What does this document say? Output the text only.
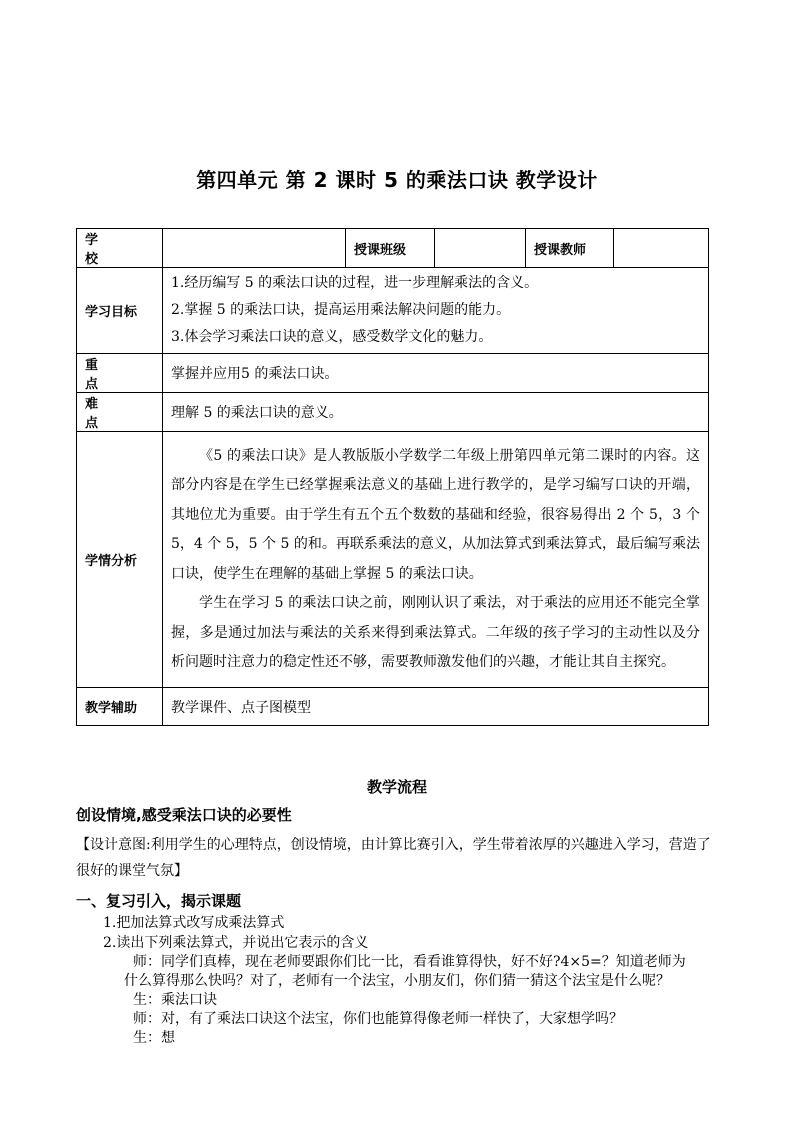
第四单元 第 2 课时 5 的乘法口诀 教学设计
学 校		授课班级		授课教师	
学习目标	1.经历编写 5 的乘法口诀的过程，进一步理解乘法的含义。
2.掌握 5 的乘法口诀，提高运用乘法解决问题的能力。
3.体会学习乘法口诀的意义，感受数学文化的魅力。				

重 点	掌握并应用5 的乘法口诀。				
难 点	理解 5 的乘法口诀的意义。				
学情分析	《5 的乘法口诀》是人教版版小学数学二年级上册第四单元第二课时的内容。这部分内容是在学生已经掌握乘法意义的基础上进行教学的，是学习编写口诀的开端，其地位尤为重要。由于学生有五个五个数数的基础和经验，很容易得出 2 个 5，3 个 5，4 个 5，5 个 5 的和。再联系乘法的意义，从加法算式到乘法算式，最后编写乘法口诀，使学生在理解的基础上掌握 5 的乘法口诀。

学生在学习 5 的乘法口诀之前，刚刚认识了乘法，对于乘法的应用还不能完全掌握，多是通过加法与乘法的关系来得到乘法算式。二年级的孩子学习的主动性以及分析问题时注意力的稳定性还不够，需要教师激发他们的兴趣，才能让其自主探究。				

教学辅助	教学课件、点子图模型				
教学流程
创设情境,感受乘法口诀的必要性
【设计意图:利用学生的心理特点，创设情境，由计算比赛引入，学生带着浓厚的兴趣进入学习，营造了很好的课堂气氛】
一、复习引入，揭示课题
1.把加法算式改写成乘法算式
2.读出下列乘法算式，并说出它表示的含义
师：同学们真棒，现在老师要跟你们比一比，看看谁算得快，好不好?4×5=？知道老师为
什么算得那么快吗？对了，老师有一个法宝，小朋友们，你们猜一猜这个法宝是什么呢？
生：乘法口诀
师：对，有了乘法口诀这个法宝，你们也能算得像老师一样快了，大家想学吗？
生：想
